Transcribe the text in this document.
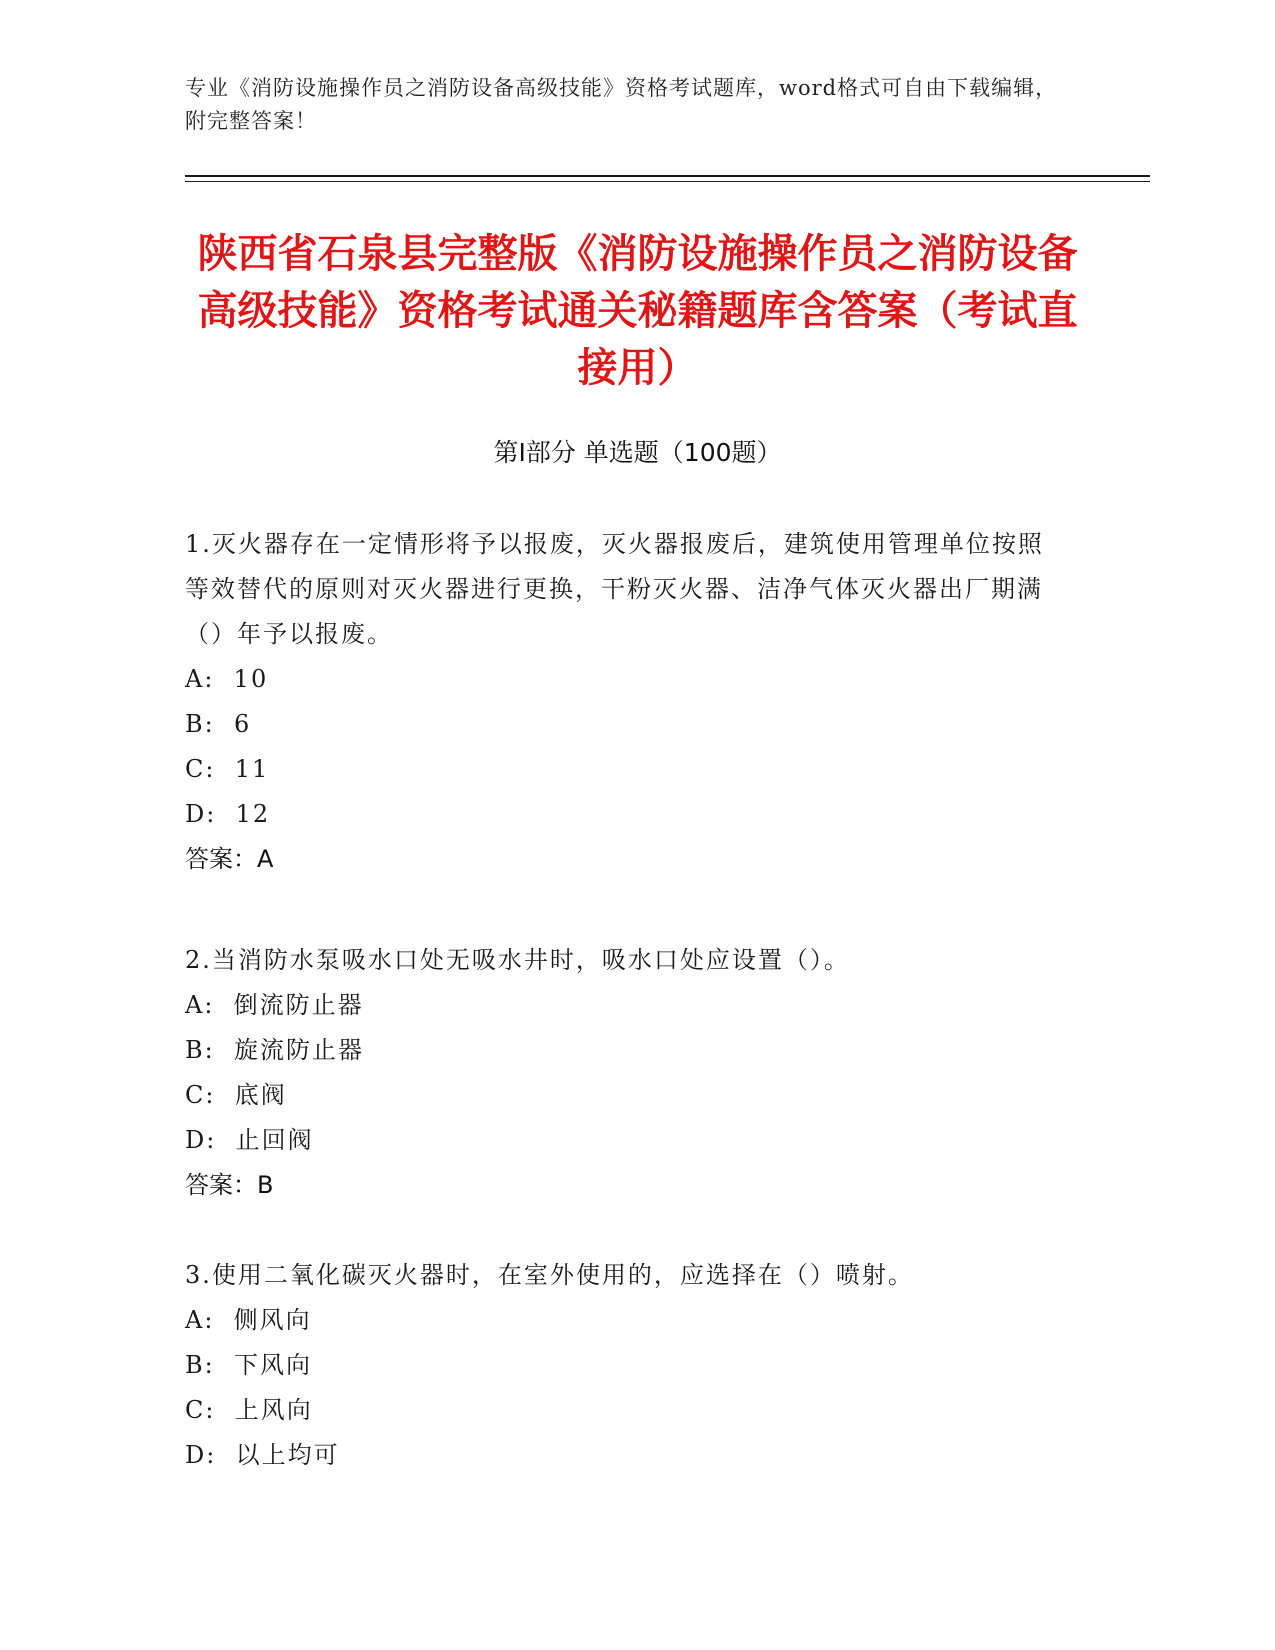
专业《消防设施操作员之消防设备高级技能》资格考试题库，word格式可自由下载编辑，附完整答案！
陕西省石泉县完整版《消防设施操作员之消防设备高级技能》资格考试通关秘籍题库含答案（考试直接用）
第Ⅰ部分 单选题（100题）

1.灭火器存在一定情形将予以报废，灭火器报废后，建筑使用管理单位按照等效替代的原则对灭火器进行更换，干粉灭火器、洁净气体灭火器出厂期满（）年予以报废。

A:  10

B:  6

C:  11

D:  12

答案：A

2.当消防水泵吸水口处无吸水井时，吸水口处应设置（）。

A:  倒流防止器

B:  旋流防止器

C:  底阀

D:  止回阀

答案：B

3.使用二氧化碳灭火器时，在室外使用的，应选择在（）喷射。

A:  侧风向

B:  下风向

C:  上风向

D:  以上均可
